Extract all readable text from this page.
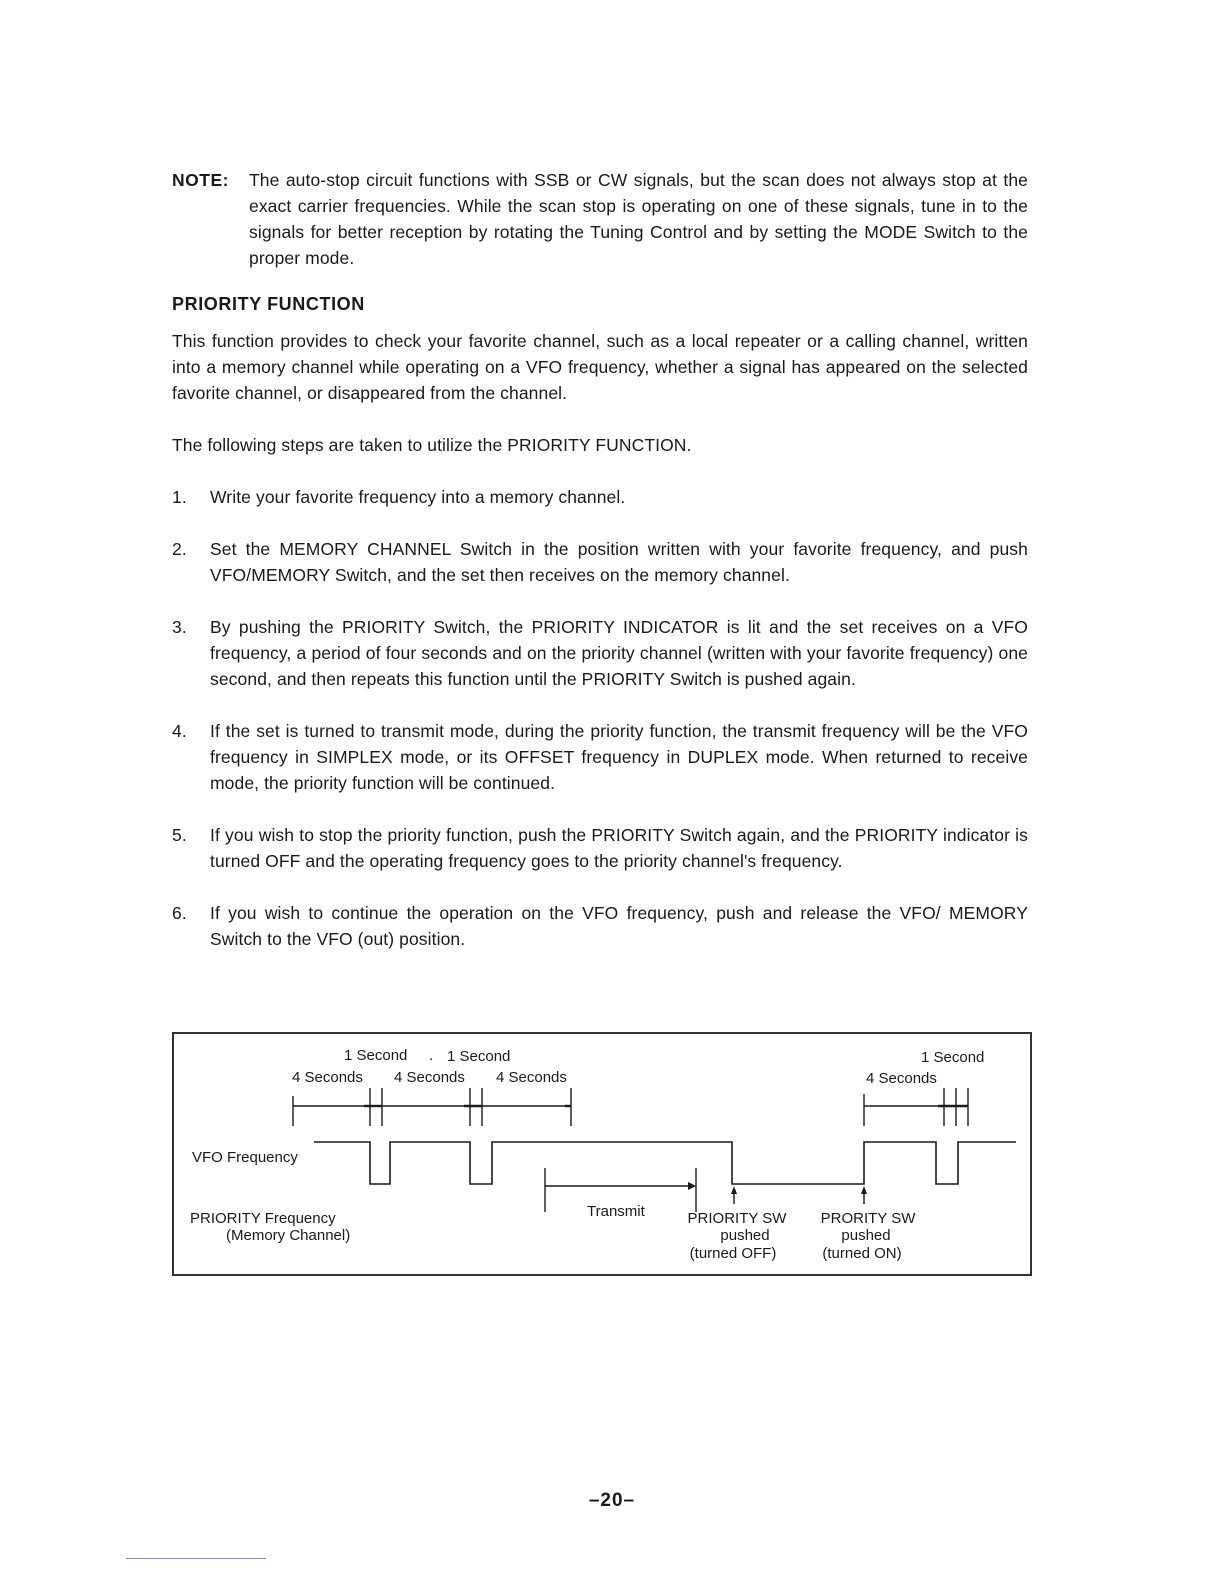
NOTE: The auto-stop circuit functions with SSB or CW signals, but the scan does not always stop at the exact carrier frequencies. While the scan stop is operating on one of these signals, tune in to the signals for better reception by rotating the Tuning Control and by setting the MODE Switch to the proper mode.
PRIORITY FUNCTION
This function provides to check your favorite channel, such as a local repeater or a calling channel, written into a memory channel while operating on a VFO frequency, whether a signal has appeared on the selected favorite channel, or disappeared from the channel.
The following steps are taken to utilize the PRIORITY FUNCTION.
1. Write your favorite frequency into a memory channel.
2. Set the MEMORY CHANNEL Switch in the position written with your favorite frequency, and push VFO/MEMORY Switch, and the set then receives on the memory channel.
3. By pushing the PRIORITY Switch, the PRIORITY INDICATOR is lit and the set receives on a VFO frequency, a period of four seconds and on the priority channel (written with your favorite frequency) one second, and then repeats this function until the PRIORITY Switch is pushed again.
4. If the set is turned to transmit mode, during the priority function, the transmit frequency will be the VFO frequency in SIMPLEX mode, or its OFFSET frequency in DUPLEX mode. When returned to receive mode, the priority function will be continued.
5. If you wish to stop the priority function, push the PRIORITY Switch again, and the PRIORITY indicator is turned OFF and the operating frequency goes to the priority channel's frequency.
6. If you wish to continue the operation on the VFO frequency, push and release the VFO/ MEMORY Switch to the VFO (out) position.
1 Second . 1 Second	1 Second
4 Seconds 4 Seconds 4 Seconds	4 Seconds
VFO Frequency
Transmit
PRIORITY Frequency
(Memory Channel)
PRIORITY SW
pushed
(turned OFF)
PRORITY SW
pushed
(turned ON)
–20–
